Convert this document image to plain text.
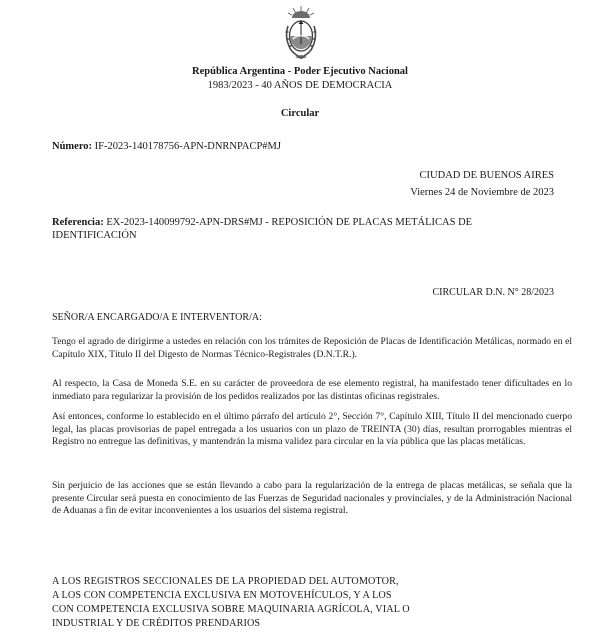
República Argentina - Poder Ejecutivo Nacional
1983/2023 - 40 AÑOS DE DEMOCRACIA
Circular
Número: IF-2023-140178756-APN-DNRNPACP#MJ
CIUDAD DE BUENOS AIRES
Viernes 24 de Noviembre de 2023
Referencia: EX-2023-140099792-APN-DRS#MJ - REPOSICIÓN DE PLACAS METÁLICAS DE IDENTIFICACIÓN
CIRCULAR D.N. N° 28/2023
SEÑOR/A ENCARGADO/A E INTERVENTOR/A:
Tengo el agrado de dirigirme a ustedes en relación con los trámites de Reposición de Placas de Identificación Metálicas, normado en el Capítulo XIX, Título II del Digesto de Normas Técnico-Registrales (D.N.T.R.).
Al respecto, la Casa de Moneda S.E. en su carácter de proveedora de ese elemento registral, ha manifestado tener dificultades en lo inmediato para regularizar la provisión de los pedidos realizados por las distintas oficinas registrales.
Así entonces, conforme lo establecido en el último párrafo del artículo 2°, Sección 7°, Capítulo XIII, Título II del mencionado cuerpo legal, las placas provisorias de papel entregada a los usuarios con un plazo de TREINTA (30) días, resultan prorrogables mientras el Registro no entregue las definitivas, y mantendrán la misma validez para circular en la vía pública que las placas metálicas.
Sin perjuicio de las acciones que se están llevando a cabo para la regularización de la entrega de placas metálicas, se señala que la presente Circular será puesta en conocimiento de las Fuerzas de Seguridad nacionales y provinciales, y de la Administración Nacional de Aduanas a fin de evitar inconvenientes a los usuarios del sistema registral.
A LOS REGISTROS SECCIONALES DE LA PROPIEDAD DEL AUTOMOTOR,
A LOS CON COMPETENCIA EXCLUSIVA EN MOTOVEHÍCULOS, Y A LOS
CON COMPETENCIA EXCLUSIVA SOBRE MAQUINARIA AGRÍCOLA, VIAL O
INDUSTRIAL Y DE CRÉDITOS PRENDARIOS
